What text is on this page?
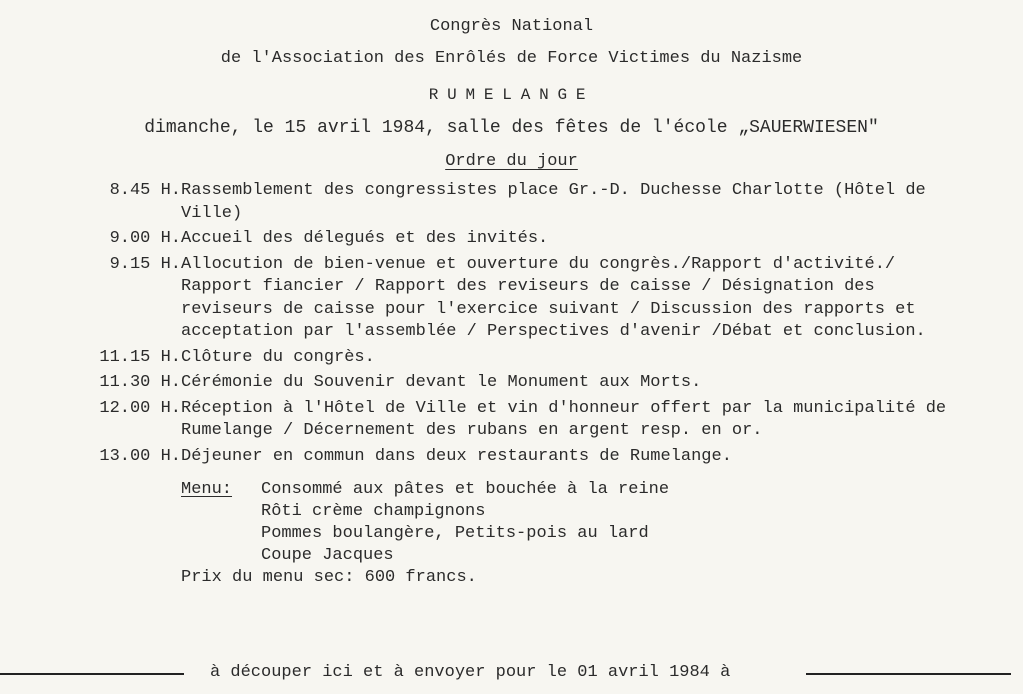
Congrès National
de l'Association des Enrôlés de Force Victimes du Nazisme
RUMELANGE
dimanche, le 15 avril 1984, salle des fêtes de l'école „SAUERWIESEN"
Ordre du jour
8.45 H. Rassemblement des congressistes place Gr.-D. Duchesse Charlotte (Hôtel de Ville)
9.00 H. Accueil des délegués et des invités.
9.15 H. Allocution de bien-venue et ouverture du congrès./Rapport d'activité./ Rapport fiancier / Rapport des reviseurs de caisse / Désignation des reviseurs de caisse pour l'exercice suivant / Discussion des rapports et acceptation par l'assemblée / Perspectives d'avenir /Débat et conclusion.
11.15 H. Clôture du congrès.
11.30 H. Cérémonie du Souvenir devant le Monument aux Morts.
12.00 H. Réception à l'Hôtel de Ville et vin d'honneur offert par la municipalité de Rumelange / Décernement des rubans en argent resp. en or.
13.00 H. Déjeuner en commun dans deux restaurants de Rumelange.
Menu:	Consommé aux pâtes et bouchée à la reine
Rôti crème champignons
Pommes boulangère, Petits-pois au lard
Coupe Jacques
Prix du menu sec: 600 francs.
à découper ici et à envoyer pour le 01 avril 1984 à
